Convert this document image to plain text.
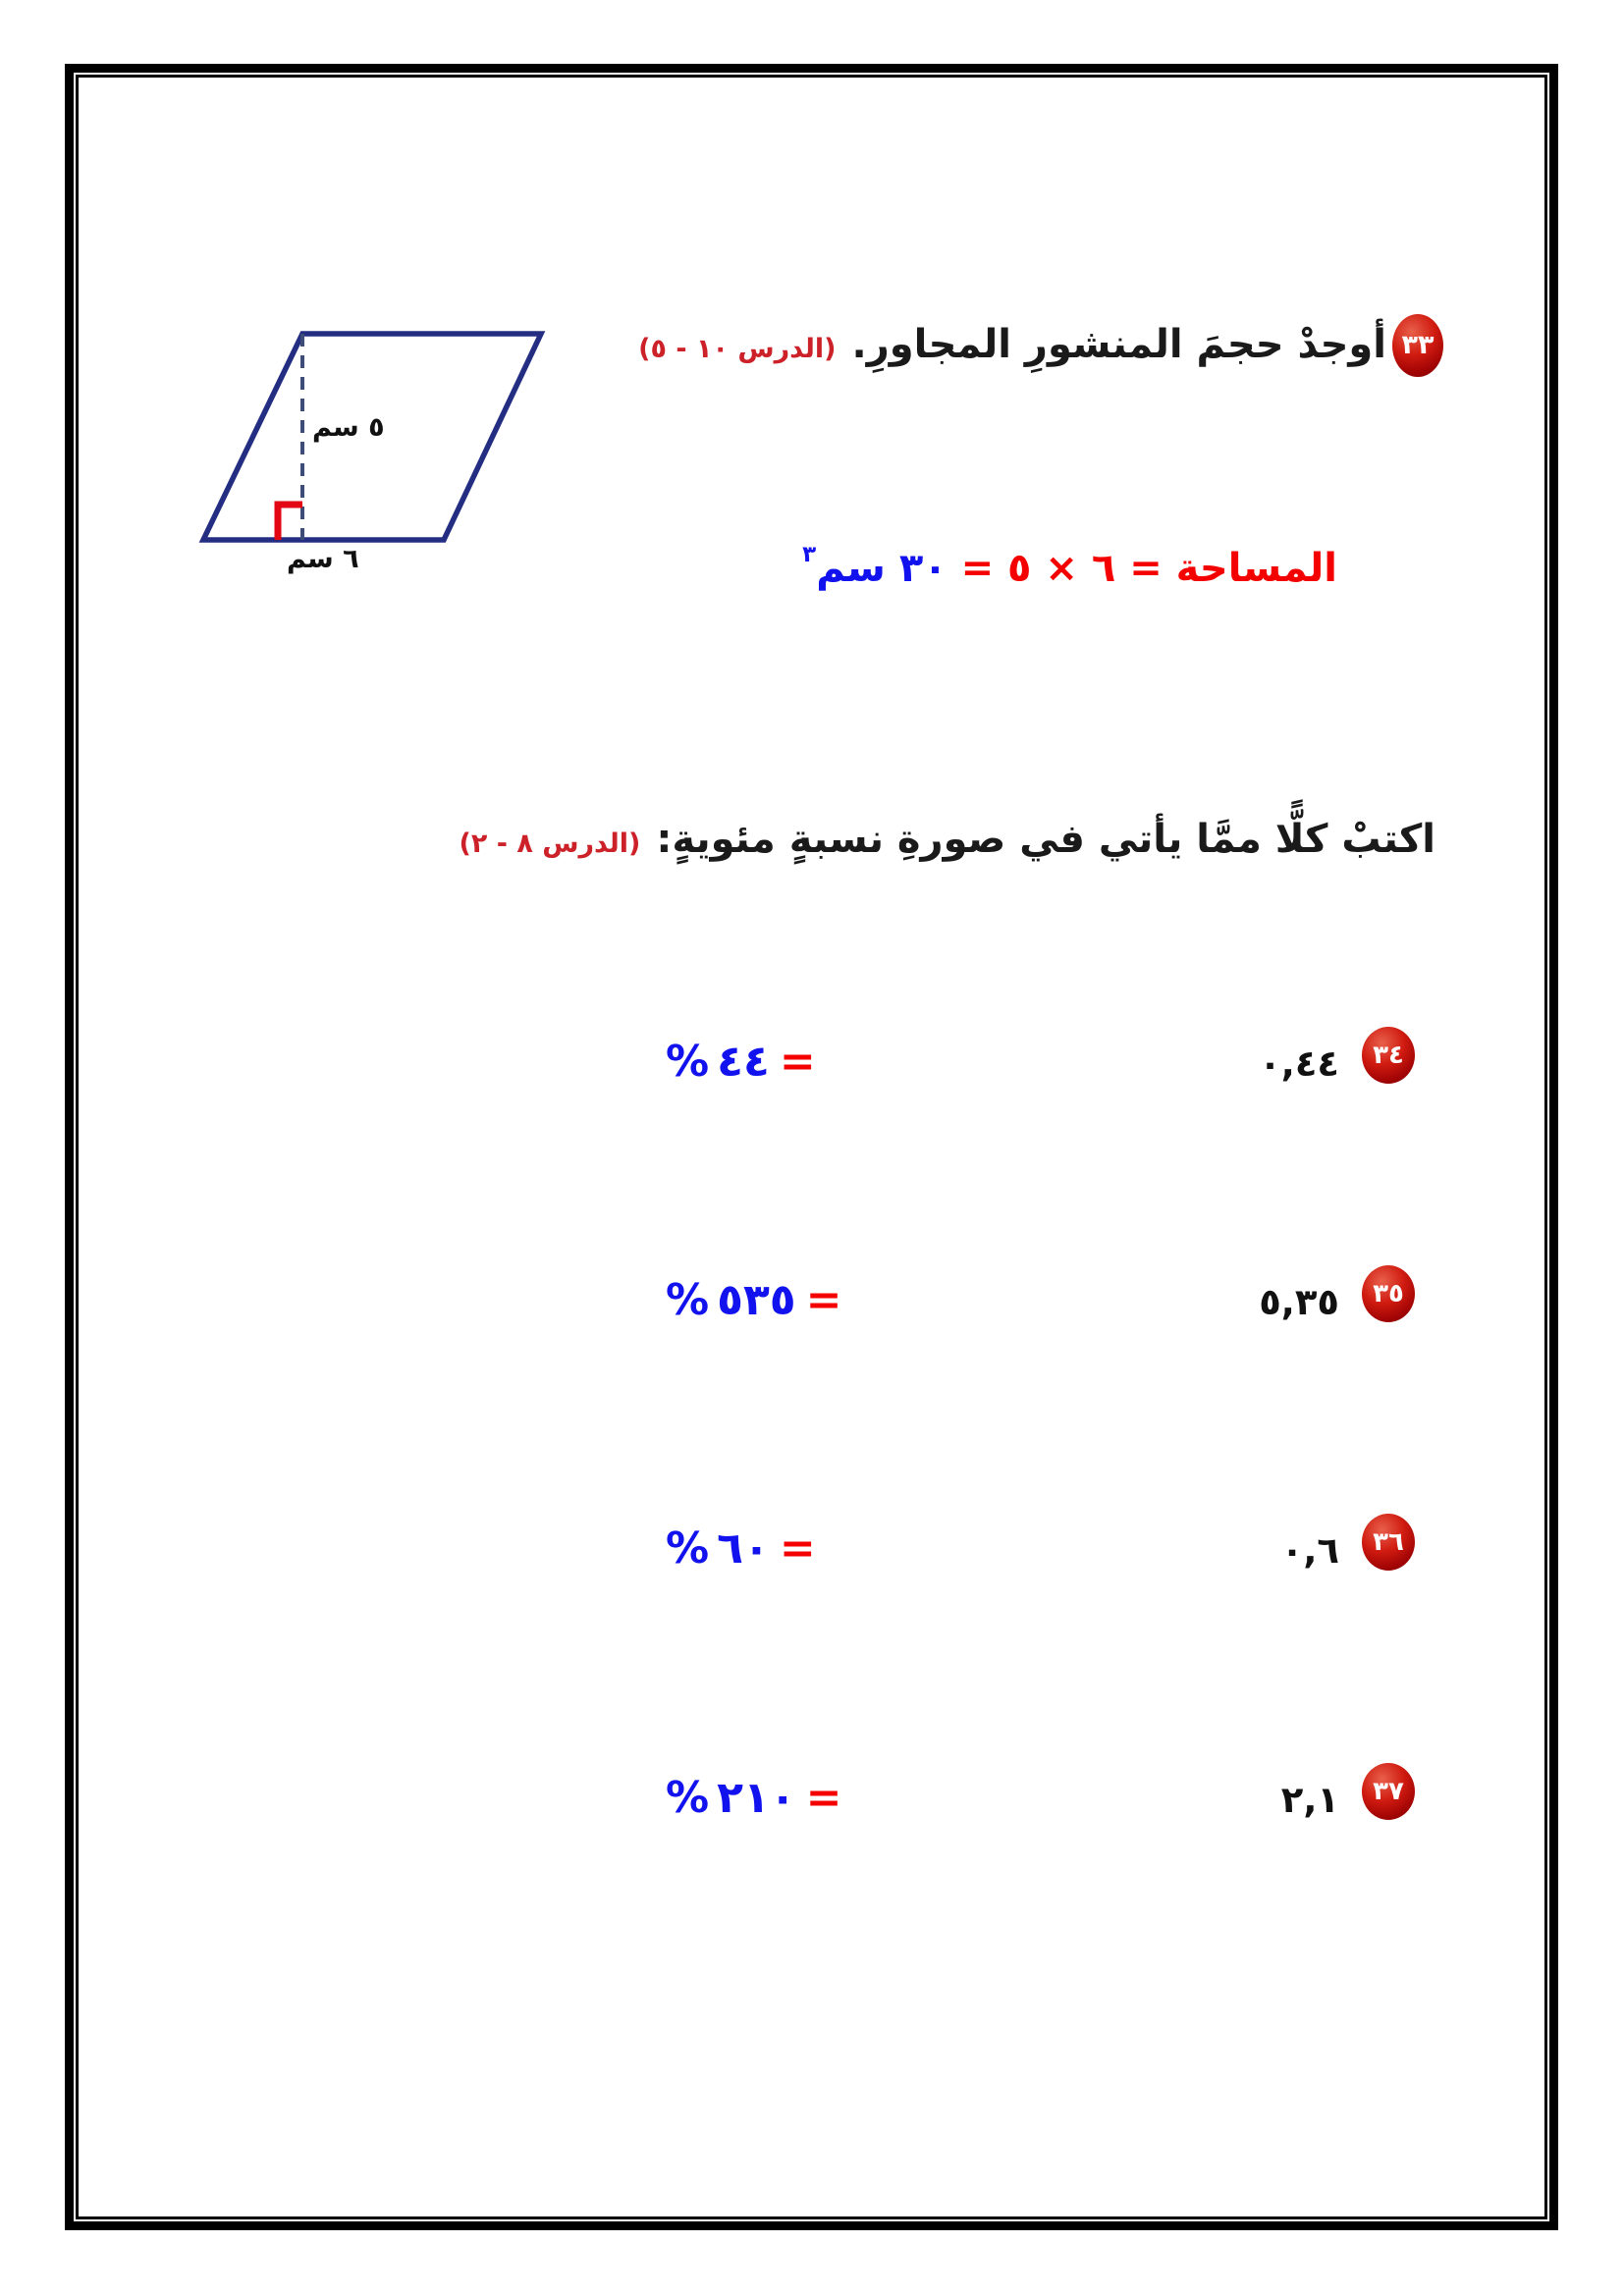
٥ سم
٦ سم
٣٣
أوجدْ حجمَ المنشورِ المجاورِ.(الدرس ١٠ - ٥)
المساحة = ٦ × ٥ = ٣٠ سم$^٣$
اكتبْ كلًّا ممَّا يأتي في صورةِ نسبةٍ مئويةٍ:(الدرس ٨ - ٢)
٣٤
٠,٤٤
=٤٤%
٣٥
٥,٣٥
=٥٣٥%
٣٦
٠,٦
=٦٠%
٣٧
٢,١
=٢١٠%
